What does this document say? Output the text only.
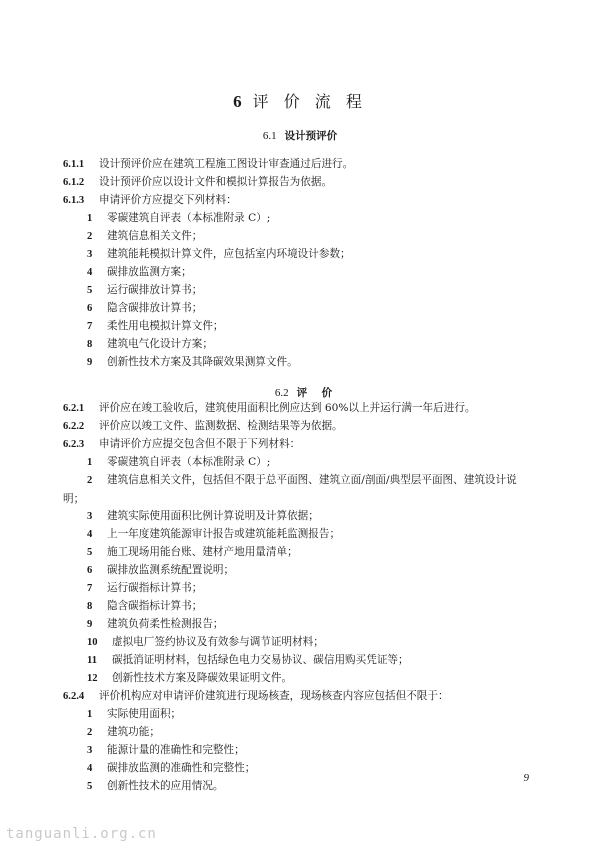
6 评 价 流 程
6.1 设计预评价
6.1.1 设计预评价应在建筑工程施工图设计审查通过后进行。
6.1.2 设计预评价应以设计文件和模拟计算报告为依据。
6.1.3 申请评价方应提交下列材料：
1 零碳建筑自评表（本标准附录 C）;
2 建筑信息相关文件；
3 建筑能耗模拟计算文件，应包括室内环境设计参数；
4 碳排放监测方案；
5 运行碳排放计算书；
6 隐含碳排放计算书；
7 柔性用电模拟计算文件；
8 建筑电气化设计方案；
9 创新性技术方案及其降碳效果测算文件。

6.2 评    价

6.2.1 评价应在竣工验收后，建筑使用面积比例应达到 60%以上并运行满一年后进行。
6.2.2 评价应以竣工文件、监测数据、检测结果等为依据。
6.2.3 申请评价方应提交包含但不限于下列材料：
1 零碳建筑自评表（本标准附录 C）;
2 建筑信息相关文件，包括但不限于总平面图、建筑立面/剖面/典型层平面图、建筑设计说
明；
3 建筑实际使用面积比例计算说明及计算依据；
4 上一年度建筑能源审计报告或建筑能耗监测报告；
5 施工现场用能台账、建材产地用量清单；
6 碳排放监测系统配置说明；
7 运行碳指标计算书；
8 隐含碳指标计算书；
9 建筑负荷柔性检测报告；
10 虚拟电厂签约协议及有效参与调节证明材料；
11 碳抵消证明材料，包括绿色电力交易协议、碳信用购买凭证等；
12 创新性技术方案及降碳效果证明文件。
6.2.4 评价机构应对申请评价建筑进行现场核查，现场核查内容应包括但不限于：
1 实际使用面积；
2 建筑功能；
3 能源计量的准确性和完整性；
4 碳排放监测的准确性和完整性；
5 创新性技术的应用情况。
9
tanguanli.org.cn
